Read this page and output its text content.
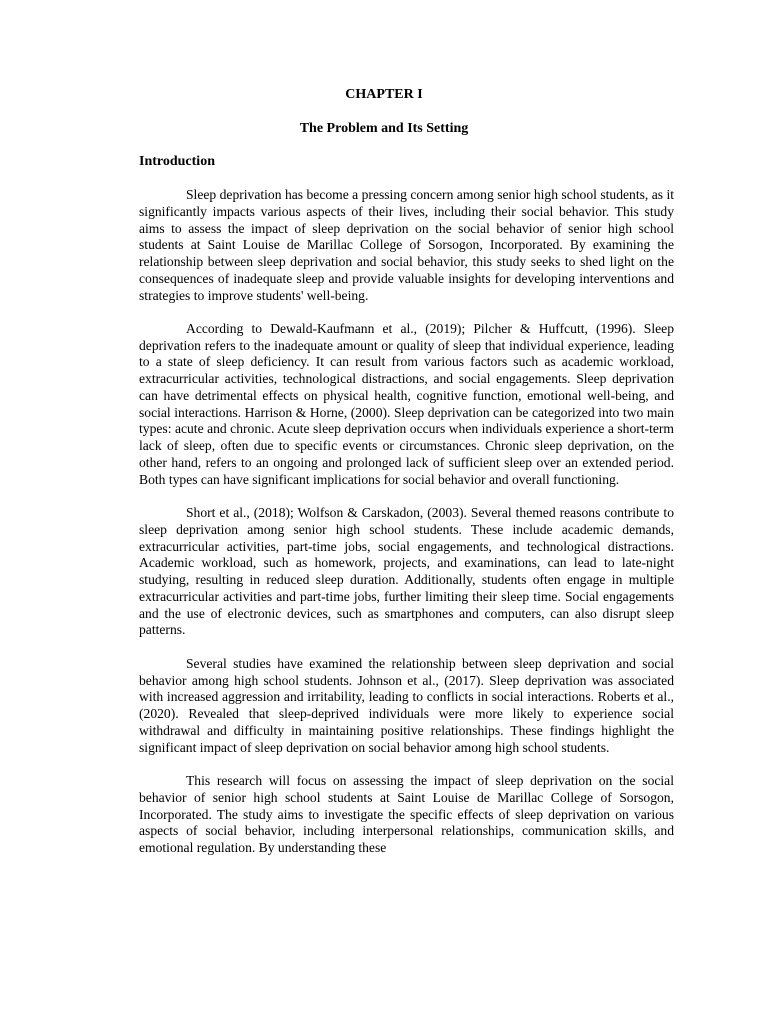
CHAPTER I
The Problem and Its Setting
Introduction

Sleep deprivation has become a pressing concern among senior high school students, as it significantly impacts various aspects of their lives, including their social behavior. This study aims to assess the impact of sleep deprivation on the social behavior of senior high school students at Saint Louise de Marillac College of Sorsogon, Incorporated. By examining the relationship between sleep deprivation and social behavior, this study seeks to shed light on the consequences of inadequate sleep and provide valuable insights for developing interventions and strategies to improve students' well-being.

According to Dewald-Kaufmann et al., (2019); Pilcher & Huffcutt, (1996). Sleep deprivation refers to the inadequate amount or quality of sleep that individual experience, leading to a state of sleep deficiency. It can result from various factors such as academic workload, extracurricular activities, technological distractions, and social engagements. Sleep deprivation can have detrimental effects on physical health, cognitive function, emotional well-being, and social interactions. Harrison & Horne, (2000). Sleep deprivation can be categorized into two main types: acute and chronic. Acute sleep deprivation occurs when individuals experience a short-term lack of sleep, often due to specific events or circumstances. Chronic sleep deprivation, on the other hand, refers to an ongoing and prolonged lack of sufficient sleep over an extended period. Both types can have significant implications for social behavior and overall functioning.

Short et al., (2018); Wolfson & Carskadon, (2003). Several themed reasons contribute to sleep deprivation among senior high school students. These include academic demands, extracurricular activities, part-time jobs, social engagements, and technological distractions. Academic workload, such as homework, projects, and examinations, can lead to late-night studying, resulting in reduced sleep duration. Additionally, students often engage in multiple extracurricular activities and part-time jobs, further limiting their sleep time. Social engagements and the use of electronic devices, such as smartphones and computers, can also disrupt sleep patterns.

Several studies have examined the relationship between sleep deprivation and social behavior among high school students. Johnson et al., (2017). Sleep deprivation was associated with increased aggression and irritability, leading to conflicts in social interactions. Roberts et al., (2020). Revealed that sleep-deprived individuals were more likely to experience social withdrawal and difficulty in maintaining positive relationships. These findings highlight the significant impact of sleep deprivation on social behavior among high school students.

This research will focus on assessing the impact of sleep deprivation on the social behavior of senior high school students at Saint Louise de Marillac College of Sorsogon, Incorporated. The study aims to investigate the specific effects of sleep deprivation on various aspects of social behavior, including interpersonal relationships, communication skills, and emotional regulation. By understanding these
